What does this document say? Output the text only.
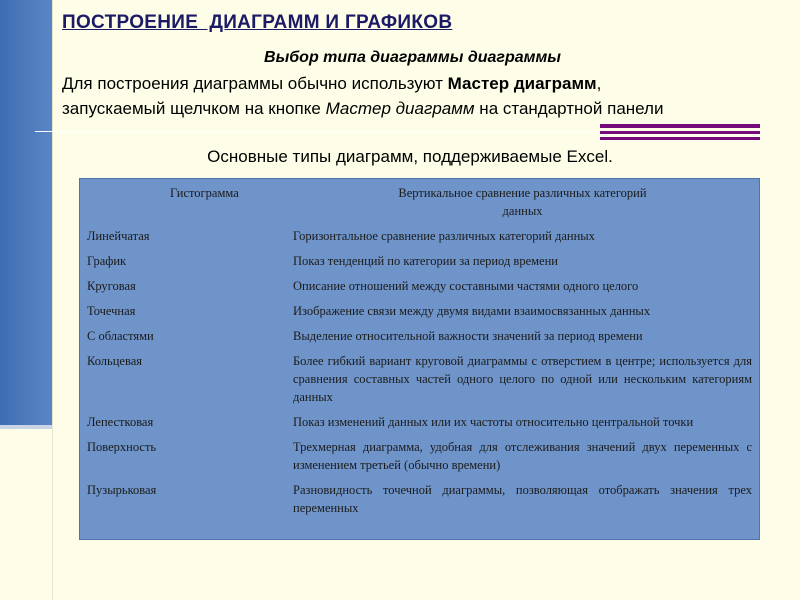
ПОСТРОЕНИЕ  ДИАГРАММ И ГРАФИКОВ
Выбор типа диаграммы диаграммы
Для построения диаграммы обычно используют Мастер диаграмм,
запускаемый щелчком на кнопке Мастер диаграмм на стандартной панели
Основные типы диаграмм, поддерживаемые Excel.
Гистограмма	Вертикальное сравнение различных категорий
данных

Линейчатая	Горизонтальное сравнение различных категорий данных
График	Показ тенденций по категории за период времени
Круговая	Описание отношений между составными частями одного целого
Точечная	Изображение связи между двумя видами взаимосвязанных данных
С областями	Выделение относительной важности значений за период времени
Кольцевая	Более гибкий вариант круговой диаграммы с отверстием в центре; используется для сравнения составных частей одного целого по одной или нескольким категориям данных
Лепестковая	Показ изменений данных или их частоты относительно центральной точки
Поверхность	Трехмерная диаграмма, удобная для отслеживания значений двух переменных с изменением третьей (обычно времени)
Пузырьковая	Разновидность точечной диаграммы, позволяющая отображать значения трех переменных
